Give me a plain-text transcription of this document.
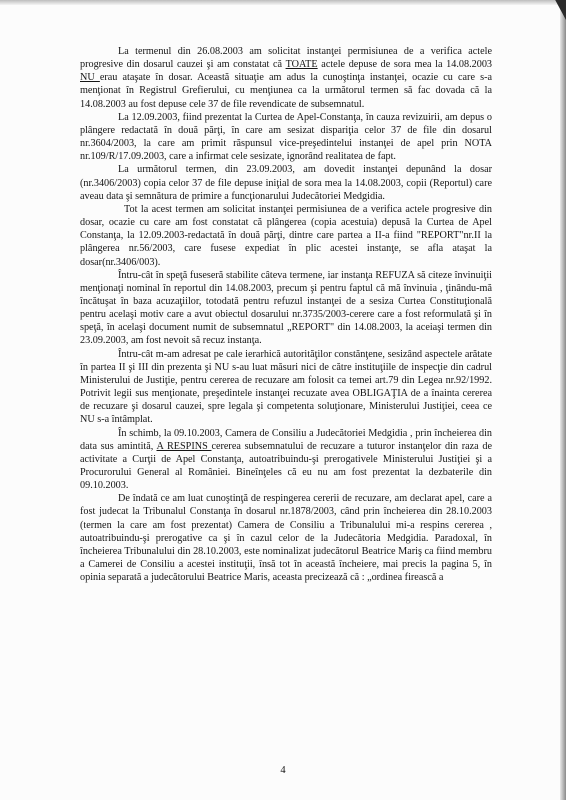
La termenul din 26.08.2003 am solicitat instanţei permisiunea de a verifica actele progresive din dosarul cauzei şi am constatat că TOATE actele depuse de sora mea la 14.08.2003 NU erau ataşate în dosar. Această situaţie am adus la cunoştinţa instanţei, ocazie cu care s-a menţionat în Registrul Grefierului, cu menţiunea ca la următorul termen să fac dovada că la 14.08.2003 au fost depuse cele 37 de file revendicate de subsemnatul.

La 12.09.2003, fiind prezentat la Curtea de Apel-Constanţa, în cauza revizuirii, am depus o plângere redactată în două părţi, în care am sesizat dispariţia celor 37 de file din dosarul nr.3604/2003, la care am primit răspunsul vice-preşedintelui instanţei de apel prin NOTA nr.109/R/17.09.2003, care a infirmat cele sesizate, ignorând realitatea de fapt.

La următorul termen, din 23.09.2003, am dovedit instanţei depunând la dosar (nr.3406/2003) copia celor 37 de file depuse iniţial de sora mea la 14.08.2003, copii (Reportul) care aveau data şi semnătura de primire a funcţionarului Judecătoriei Medgidia.

Tot la acest termen am solicitat instanţei permisiunea de a verifica actele progresive din dosar, ocazie cu care am fost constatat că plângerea (copia acestuia) depusă la Curtea de Apel Constanţa, la 12.09.2003-redactată în două părţi, dintre care partea a II-a fiind "REPORT"nr.II la plângerea nr.56/2003, care fusese expediat în plic acestei instanţe, se afla ataşat la dosar(nr.3406/003).

Întru-cât în speţă fuseseră stabilite câteva termene, iar instanţa REFUZA să citeze învinuiţii menţionaţi nominal în reportul din 14.08.2003, precum şi pentru faptul că mă învinuia , ţinându-mă încătuşat în baza acuzaţiilor, totodată pentru refuzul instanţei de a sesiza Curtea Constituţională pentru acelaşi motiv care a avut obiectul dosarului nr.3735/2003-cerere care a fost reformulată şi în speţă, în acelaşi document numit de subsemnatul „REPORT" din 14.08.2003, la aceiaşi termen din 23.09.2003, am fost nevoit să recuz instanţa.

Întru-cât m-am adresat pe cale ierarhică autorităţilor constănţene, sesizând aspectele arătate în partea II şi III din prezenta şi NU s-au luat măsuri nici de către instituţiile de inspecţie din cadrul Ministerului de Justiţie, pentru cererea de recuzare am folosit ca temei art.79 din Legea nr.92/1992. Potrivit legii sus menţionate, preşedintele instanţei recuzate avea OBLIGAŢIA de a înainta cererea de recuzare şi dosarul cauzei, spre legala şi competenta soluţionare, Ministerului Justiţiei, ceea ce NU s-a întâmplat.

În schimb, la 09.10.2003, Camera de Consiliu a Judecătoriei Medgidia , prin încheierea din data sus amintită, A RESPINS cererea subsemnatului de recuzare a tuturor instanţelor din raza de activitate a Curţii de Apel Constanţa, autoatribuindu-şi prerogativele Ministerului Justiţiei şi a Procurorului General al României. Bineînţeles că eu nu am fost prezentat la dezbaterile din 09.10.2003.

De îndată ce am luat cunoştinţă de respingerea cererii de recuzare, am declarat apel, care a fost judecat la Tribunalul Constanţa în dosarul nr.1878/2003, când prin încheierea din 28.10.2003 (termen la care am fost prezentat) Camera de Consiliu a Tribunalului mi-a respins cererea , autoatribuindu-şi prerogative ca şi în cazul celor de la Judecătoria Medgidia. Paradoxal, în încheierea Tribunalului din 28.10.2003, este nominalizat judecătorul Beatrice Mariş ca fiind membru a Camerei de Consiliu a acestei instituţii, însă tot în această încheiere, mai precis la pagina 5, în opinia separată a judecătorului Beatrice Maris, aceasta precizează că : „ordinea firească a

4
